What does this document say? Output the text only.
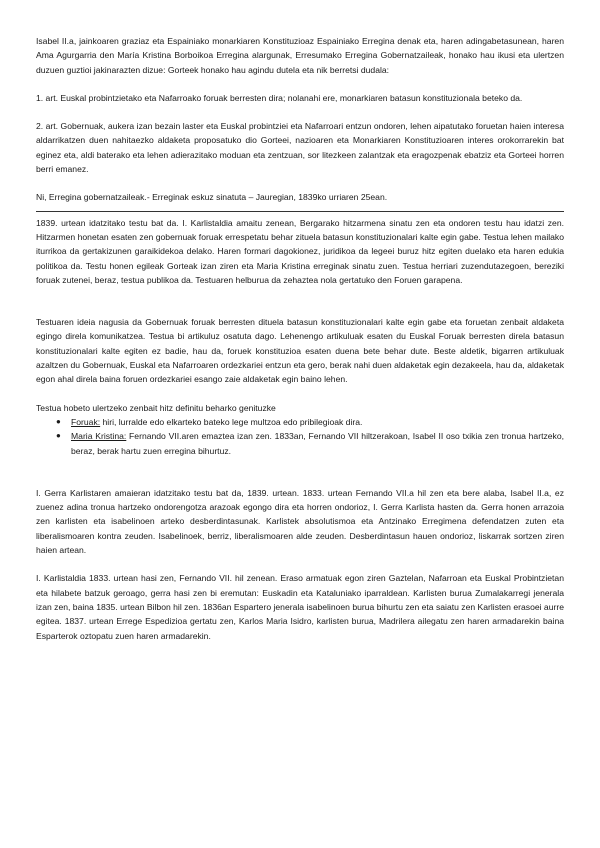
Isabel II.a, jainkoaren graziaz eta Espainiako monarkiaren Konstituzioaz Espainiako Erregina denak eta, haren adingabetasunean, haren Ama Agurgarria den María Kristina Borboikoa Erregina alargunak, Erresumako Erregina Gobernatzaileak, honako hau ikusi eta ulertzen duzuen guztioi jakinarazten dizue: Gorteek honako hau agindu dutela eta nik berretsi dudala:

1. art. Euskal probintzietako eta Nafarroako foruak berresten dira; nolanahi ere, monarkiaren batasun konstituzionala beteko da.

2. art. Gobernuak, aukera izan bezain laster eta Euskal probintziei eta Nafarroari entzun ondoren, lehen aipatutako foruetan haien interesa aldarrikatzen duen nahitaezko aldaketa proposatuko dio Gorteei, nazioaren eta Monarkiaren Konstituzioaren interes orokorrarekin bat eginez eta, aldi baterako eta lehen adierazitako moduan eta zentzuan, sor litezkeen zalantzak eta eragozpenak ebatziz eta Gorteei horren berri emanez.

Ni, Erregina gobernatzaileak.- Erreginak eskuz sinatuta – Jauregian, 1839ko urriaren 25ean.

1839. urtean idatzitako testu bat da. I. Karlistaldia amaitu zenean, Bergarako hitzarmena sinatu zen eta ondoren testu hau idatzi zen. Hitzarmen honetan esaten zen gobernuak foruak errespetatu behar zituela batasun konstituzionalari kalte egin gabe. Testua lehen mailako iturrikoa da gertakizunen garaikidekoa delako. Haren formari dagokionez, juridikoa da legeei buruz hitz egiten duelako eta haren edukia politikoa da. Testu honen egileak Gorteak izan ziren eta Maria Kristina erreginak sinatu zuen. Testua herriari zuzendutazegoen, bereziki foruak zutenei, beraz, testua publikoa da. Testuaren helburua da zehaztea nola gertatuko den Foruen garapena.

Testuaren ideia nagusia da Gobernuak foruak berresten dituela batasun konstituzionalari kalte egin gabe eta foruetan zenbait aldaketa egingo direla komunikatzea. Testua bi artikuluz osatuta dago. Lehenengo artikuluak esaten du Euskal Foruak berresten direla batasun konstituzionalari kalte egiten ez badie, hau da, foruek konstituzioa esaten duena bete behar dute. Beste aldetik, bigarren artikuluak azaltzen du Gobernuak, Euskal eta Nafarroaren ordezkariei entzun eta gero, berak nahi duen aldaketak egin dezakeela, hau da, aldaketak egon ahal direla baina foruen ordezkariei esango zaie aldaketak egin baino lehen.

Testua hobeto ulertzeko zenbait hitz definitu beharko genituzke

● Foruak: hiri, lurralde edo elkarteko bateko lege multzoa edo pribilegioak dira.
● Maria Kristina: Fernando VII.aren emaztea izan zen. 1833an, Fernando VII hiltzerakoan, Isabel II oso txikia zen tronua hartzeko, beraz, berak hartu zuen erregina bihurtuz.

I. Gerra Karlistaren amaieran idatzitako testu bat da, 1839. urtean. 1833. urtean Fernando VII.a hil zen eta bere alaba, Isabel II.a, ez zuenez adina tronua hartzeko ondorengotza arazoak egongo dira eta horren ondorioz, I. Gerra Karlista hasten da. Gerra honen arrazoia zen karlisten eta isabelinoen arteko desberdintasunak. Karlistek absolutismoa eta Antzinako Erregimena defendatzen zuten eta liberalismoaren kontra zeuden. Isabelinoek, berriz, liberalismoaren alde zeuden. Desberdintasun hauen ondorioz, liskarrak sortzen ziren haien artean.

I. Karlistaldia 1833. urtean hasi zen, Fernando VII. hil zenean. Eraso armatuak egon ziren Gaztelan, Nafarroan eta Euskal Probintzietan eta hilabete batzuk geroago, gerra hasi zen bi eremutan: Euskadin eta Kataluniako iparraldean. Karlisten burua Zumalakarregi jenerala izan zen, baina 1835. urtean Bilbon hil zen. 1836an Espartero jenerala isabelinoen burua bihurtu zen eta saiatu zen Karlisten erasoei aurre egitea. 1837. urtean Errege Espedizioa gertatu zen, Karlos Maria Isidro, karlisten burua, Madrilera ailegatu zen haren armadarekin baina Esparterok oztopatu zuen haren armadarekin.
